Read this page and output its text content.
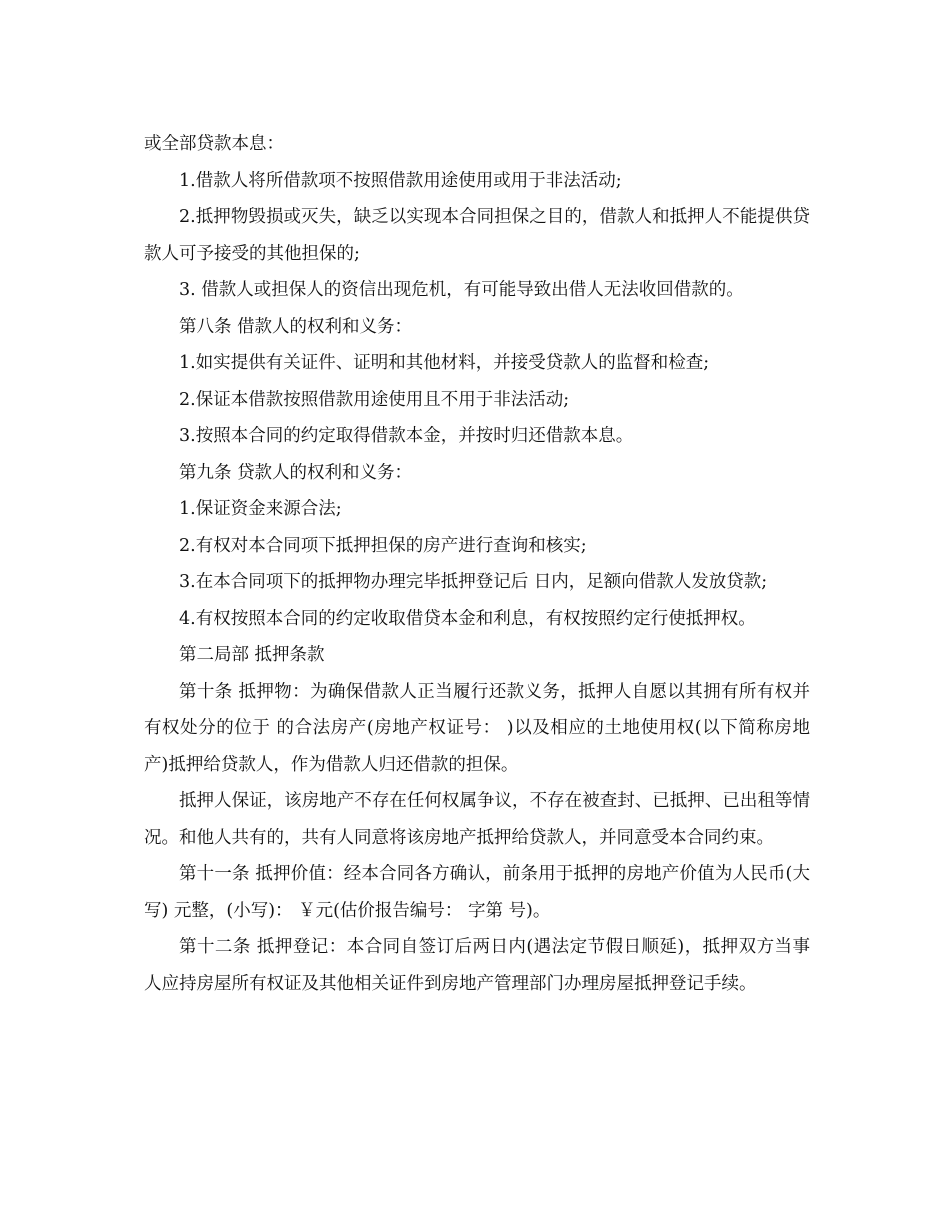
或全部贷款本息：

1.借款人将所借款项不按照借款用途使用或用于非法活动;

2.抵押物毁损或灭失，缺乏以实现本合同担保之目的，借款人和抵押人不能提供贷款人可予接受的其他担保的;

3. 借款人或担保人的资信出现危机，有可能导致出借人无法收回借款的。

第八条 借款人的权利和义务：

1.如实提供有关证件、证明和其他材料，并接受贷款人的监督和检查;

2.保证本借款按照借款用途使用且不用于非法活动;

3.按照本合同的约定取得借款本金，并按时归还借款本息。

第九条 贷款人的权利和义务：

1.保证资金来源合法;

2.有权对本合同项下抵押担保的房产进行查询和核实;

3.在本合同项下的抵押物办理完毕抵押登记后 日内，足额向借款人发放贷款;

4.有权按照本合同的约定收取借贷本金和利息，有权按照约定行使抵押权。

第二局部 抵押条款

第十条 抵押物：为确保借款人正当履行还款义务，抵押人自愿以其拥有所有权并有权处分的位于 的合法房产(房地产权证号： )以及相应的土地使用权(以下简称房地产)抵押给贷款人，作为借款人归还借款的担保。

抵押人保证，该房地产不存在任何权属争议，不存在被查封、已抵押、已出租等情况。和他人共有的，共有人同意将该房地产抵押给贷款人，并同意受本合同约束。

第十一条 抵押价值：经本合同各方确认，前条用于抵押的房地产价值为人民币(大写) 元整，(小写)： ￥元(估价报告编号： 字第 号)。

第十二条 抵押登记：本合同自签订后两日内(遇法定节假日顺延)，抵押双方当事人应持房屋所有权证及其他相关证件到房地产管理部门办理房屋抵押登记手续。
